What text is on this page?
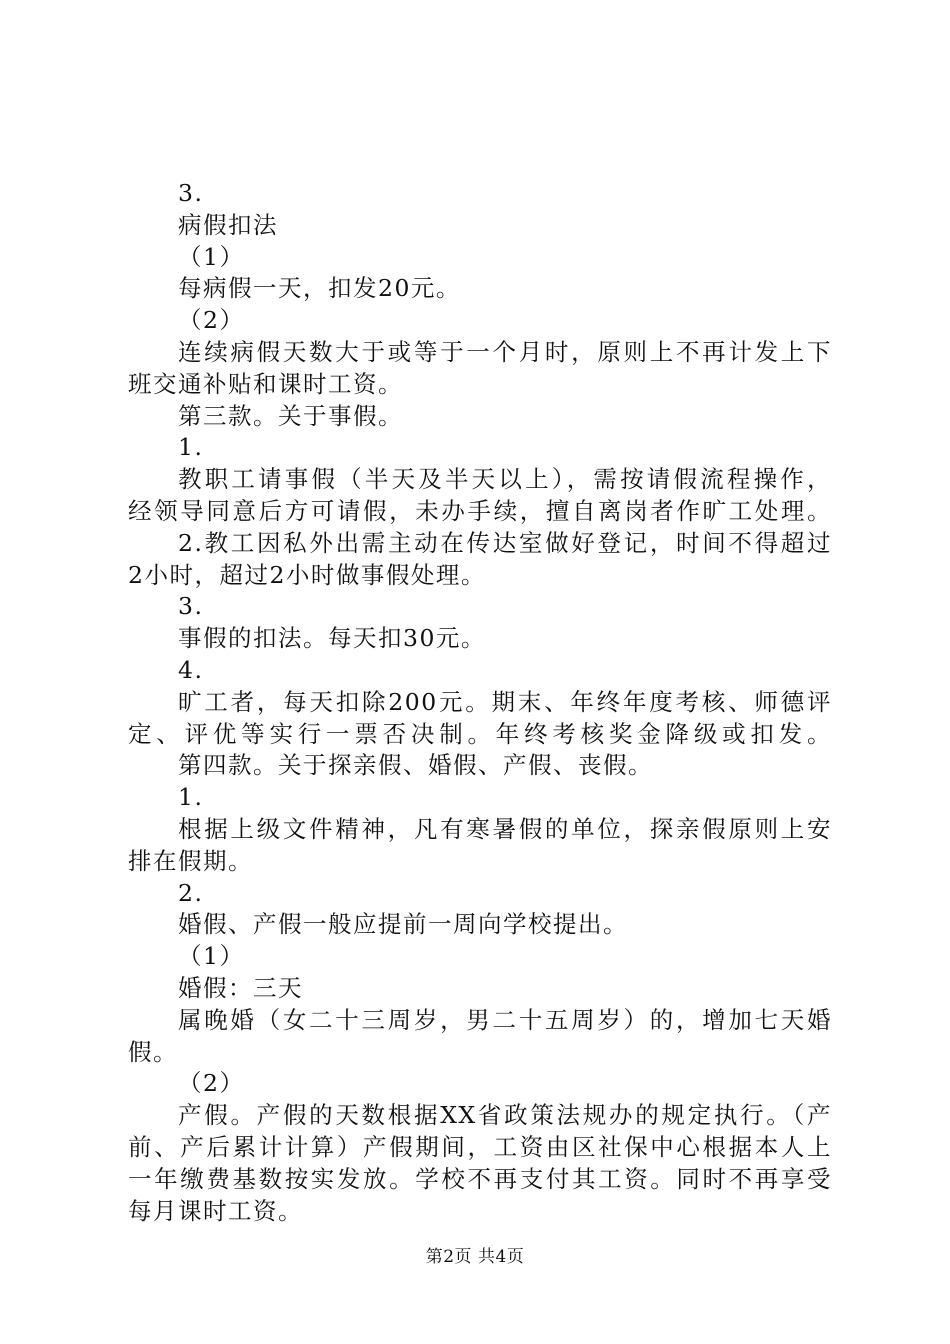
3.
病假扣法
（1）
每病假一天，扣发20元。
（2）
连续病假天数大于或等于一个月时，原则上不再计发上下
班交通补贴和课时工资。
第三款。关于事假。
1.
教职工请事假（半天及半天以上），需按请假流程操作，
经领导同意后方可请假，未办手续，擅自离岗者作旷工处理。
2.教工因私外出需主动在传达室做好登记，时间不得超过
2小时，超过2小时做事假处理。
3.
事假的扣法。每天扣30元。
4.
旷工者，每天扣除200元。期末、年终年度考核、师德评
定、评优等实行一票否决制。年终考核奖金降级或扣发。
第四款。关于探亲假、婚假、产假、丧假。
1.
根据上级文件精神，凡有寒暑假的单位，探亲假原则上安
排在假期。
2.
婚假、产假一般应提前一周向学校提出。
（1）
婚假：三天
属晚婚（女二十三周岁，男二十五周岁）的，增加七天婚
假。
（2）
产假。产假的天数根据XX省政策法规办的规定执行。（产
前、产后累计计算）产假期间，工资由区社保中心根据本人上
一年缴费基数按实发放。学校不再支付其工资。同时不再享受
每月课时工资。
第2页 共4页
